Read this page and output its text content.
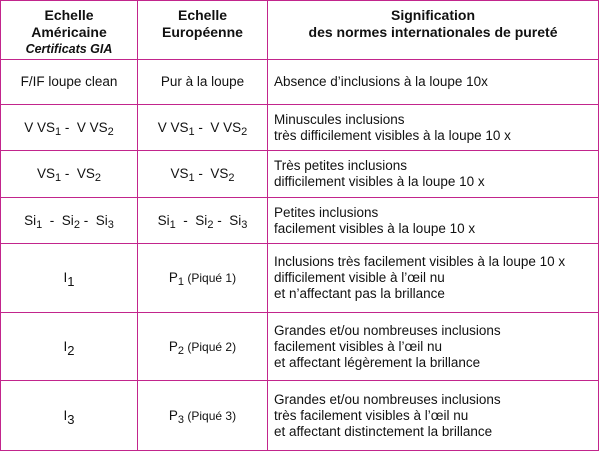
Echelle
Américaine
Certificats GIA	Echelle
Européenne	Signification
des normes internationales de pureté
F/IF loupe clean	Pur à la loupe	Absence d’inclusions à la loupe 10x
V $VS_1$ -  V $VS_2$	V $VS_1$ -  V $VS_2$	Minuscules inclusions
très difficilement visibles à la loupe 10 x
$VS_1 - VS_2$	$VS_1 - VS_2$	Très petites inclusions
difficilement visibles à la loupe 10 x
$Si_1 - Si_2 - Si_3$	$Si_1 - Si_2 - Si_3$	Petites inclusions
facilement visibles à la loupe 10 x
$I_1$	$P_1$ (Piqué 1)	Inclusions très facilement visibles à la loupe 10 x
difficilement visible à l’œil nu
et n’affectant pas la brillance
$I_2$	$P_2$ (Piqué 2)	Grandes et/ou nombreuses inclusions
facilement visibles à l’œil nu
et affectant légèrement la brillance
$I_3$	$P_3$ (Piqué 3)	Grandes et/ou nombreuses inclusions
très facilement visibles à l’œil nu
et affectant distinctement la brillance
